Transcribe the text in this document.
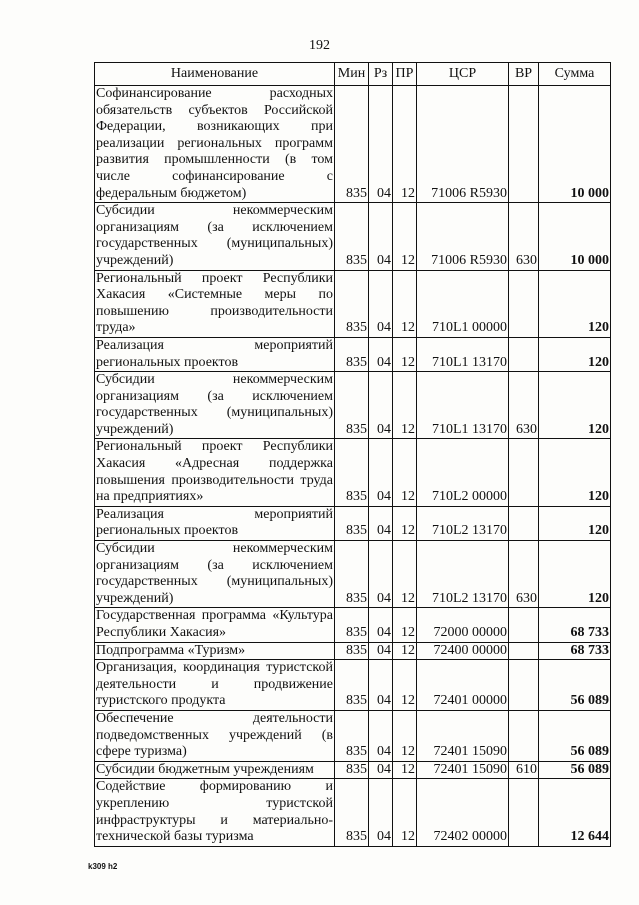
192
Наименование	Мин	Рз	ПР	ЦСР	ВР	Сумма
Софинансирование расходных обязательств субъектов Российской Федерации, возникающих при реализации региональных программ развития промышленности (в том числе софинансирование с федеральным бюджетом)	835	04	12	71006 R5930		10 000
Субсидии некоммерческим организациям (за исключением государственных (муниципальных) учреждений)	835	04	12	71006 R5930	630	10 000
Региональный проект Республики Хакасия «Системные меры по повышению производительности труда»	835	04	12	710L1 00000		120
Реализация мероприятий региональных проектов	835	04	12	710L1 13170		120
Субсидии некоммерческим организациям (за исключением государственных (муниципальных) учреждений)	835	04	12	710L1 13170	630	120
Региональный проект Республики Хакасия «Адресная поддержка повышения производительности труда на предприятиях»	835	04	12	710L2 00000		120
Реализация мероприятий региональных проектов	835	04	12	710L2 13170		120
Субсидии некоммерческим организациям (за исключением государственных (муниципальных) учреждений)	835	04	12	710L2 13170	630	120
Государственная программа «Культура Республики Хакасия»	835	04	12	72000 00000		68 733
Подпрограмма «Туризм»	835	04	12	72400 00000		68 733
Организация, координация туристской деятельности и продвижение туристского продукта	835	04	12	72401 00000		56 089
Обеспечение деятельности подведомственных учреждений (в сфере туризма)	835	04	12	72401 15090		56 089
Субсидии бюджетным учреждениям	835	04	12	72401 15090	610	56 089
Содействие формированию и укреплению туристской инфраструктуры и материально-технической базы туризма	835	04	12	72402 00000		12 644
k309 h2
